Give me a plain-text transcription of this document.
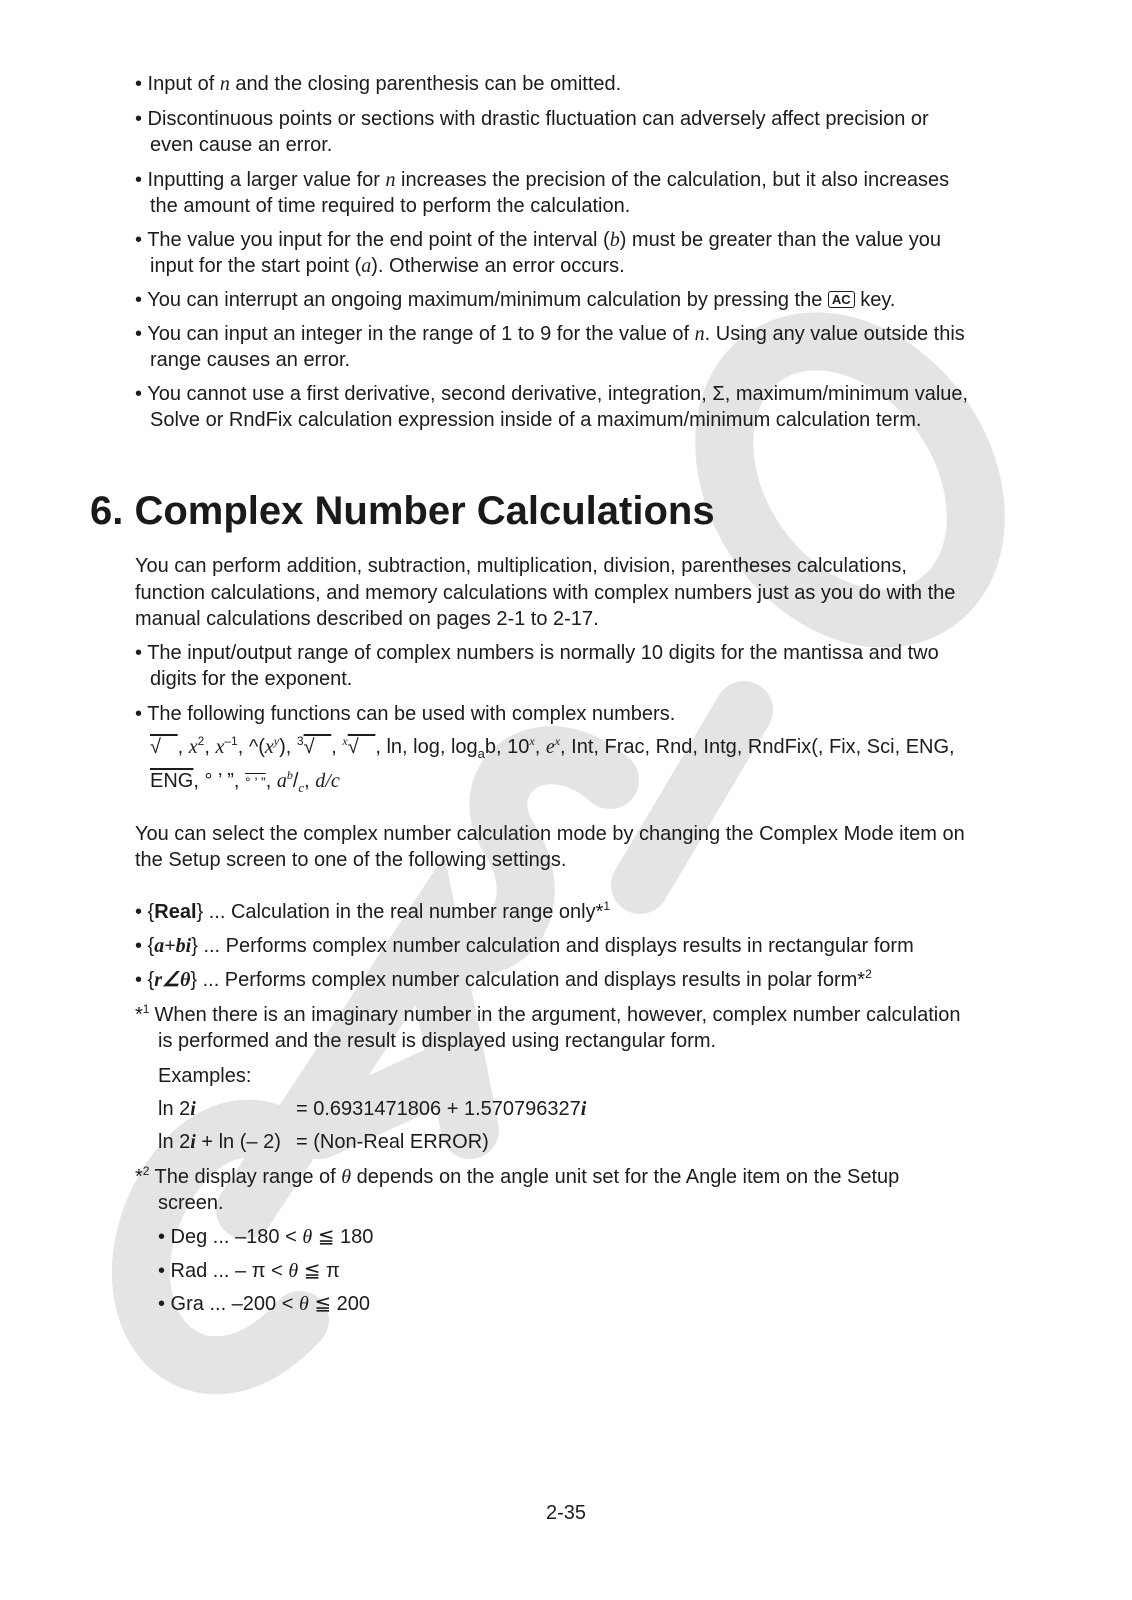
• Input of n and the closing parenthesis can be omitted.
• Discontinuous points or sections with drastic fluctuation can adversely affect precision or
even cause an error.
• Inputting a larger value for n increases the precision of the calculation, but it also increases
the amount of time required to perform the calculation.
• The value you input for the end point of the interval (b) must be greater than the value you
input for the start point (a). Otherwise an error occurs.
• You can interrupt an ongoing maximum/minimum calculation by pressing the AC key.
• You can input an integer in the range of 1 to 9 for the value of n. Using any value outside this
range causes an error.
• You cannot use a first derivative, second derivative, integration, Σ, maximum/minimum value,
Solve or RndFix calculation expression inside of a maximum/minimum calculation term.
6. Complex Number Calculations
You can perform addition, subtraction, multiplication, division, parentheses calculations,
function calculations, and memory calculations with complex numbers just as you do with the
manual calculations described on pages 2-1 to 2-17.
• The input/output range of complex numbers is normally 10 digits for the mantissa and two
digits for the exponent.
• The following functions can be used with complex numbers.
√   , $x^2$, $x^{-1}$, $\^{}(x^y)$, $^3$√   , $^x$√   , ln, log, $\log_ab$, 10$^x$, $e^x$, Int, Frac, Rnd, Intg, RndFix(, Fix, Sci, ENG,
$\overline{ENG}$, ° ’ ”, ° ’ ”, $a^b/_c$, d/c
You can select the complex number calculation mode by changing the Complex Mode item on
the Setup screen to one of the following settings.
• {Real} ... Calculation in the real number range only*$^1$
• {a+bi} ... Performs complex number calculation and displays results in rectangular form
• {r∠θ} ... Performs complex number calculation and displays results in polar form*$^2$
*$^1$ When there is an imaginary number in the argument, however, complex number calculation
is performed and the result is displayed using rectangular form.
Examples:
ln 2i	= 0.6931471806 + 1.570796327i
ln 2i + ln (– 2) = (Non-Real ERROR)
*$^2$ The display range of θ depends on the angle unit set for the Angle item on the Setup
screen.
• Deg ... –180 < θ ≦ 180
• Rad ... – π < θ ≦ π
• Gra ... –200 < θ ≦ 200
2-35
